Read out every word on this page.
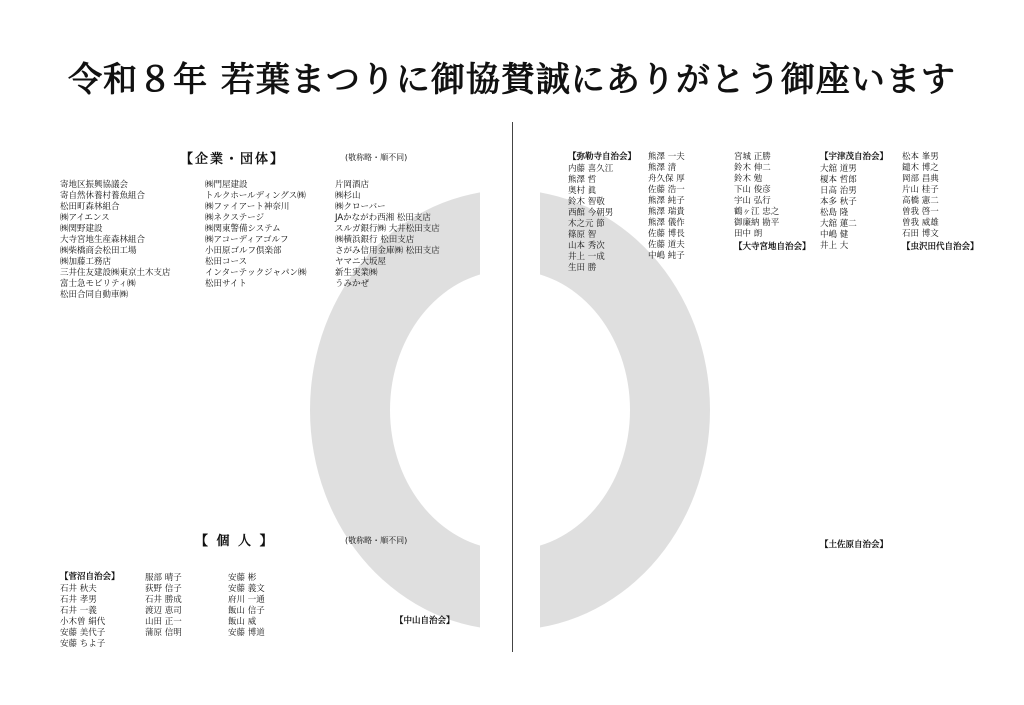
令和８年 若葉まつりに御協賛誠にありがとう御座います
【企業・団体】	(敬称略・順不同)
寄地区振興協議会
寄自然休養村養魚組合
松田町森林組合
㈱アイエンス
㈱関野建設
大寺宮地生産森林組合
㈱柴橋商会松田工場
㈱加藤工務店
三井住友建設㈱東京土木支店
富士急モビリティ㈱
松田合同自動車㈱
㈱門屋建設
トルクホールディングス㈱
㈱ファイアート神奈川
㈱ネクステージ
㈱関東警備システム
㈱アコーディアゴルフ
小田原ゴルフ倶楽部
松田コース
インターテックジャパン㈱
松田サイト
片岡酒店
㈱杉山
㈱クローバー
JAかながわ西湘 松田支店
スルガ銀行㈱ 大井松田支店
㈱横浜銀行 松田支店
さがみ信用金庫㈱ 松田支店
ヤマニ大坂屋
新生実業㈱
うみかぜ
【 個 人 】	(敬称略・順不同)
【菅沼自治会】
石井 秋夫
石井 孝男
石井 一義
小木曽 絹代
安藤 美代子
安藤 ちよ子
服部 晴子
荻野 信子
石井 勝成
渡辺 恵司
山田 正一
蒲原 信明
安藤 彬
安藤 義文
府川 一通
飯山 信子
飯山 威
安藤 博道
【中山自治会】
【弥勒寺自治会】
内藤 喜久江
熊澤 哲
奥村 眞
鈴木 智敬
西館 今朝男
木之元 節
篠原 智
山本 秀次
井上 一成
生田 勝
熊澤 一夫
熊澤 清
舟久保 厚
佐藤 浩一
熊澤 純子
熊澤 瑞貴
熊澤 儀作
佐藤 博長
佐藤 道夫
中嶋 純子
宮城 正勝
鈴木 伸二
鈴木 勉
下山 俊彦
宇山 弘行
鶴ヶ江 忠之
御廉納 勘平
田中 朗
【大寺宮地自治会】
【宇津茂自治会】
大舘 道男
榎本 哲郎
日高 治男
本多 秋子
松島 隆
大舘 蓮二
中嶋 健
井上 大
松本 峯男
鑓木 博之
岡部 昌典
片山 桂子
高橋 憲二
曽我 啓一
曽我 威雄
石田 博文
【虫沢田代自治会】
【土佐原自治会】
